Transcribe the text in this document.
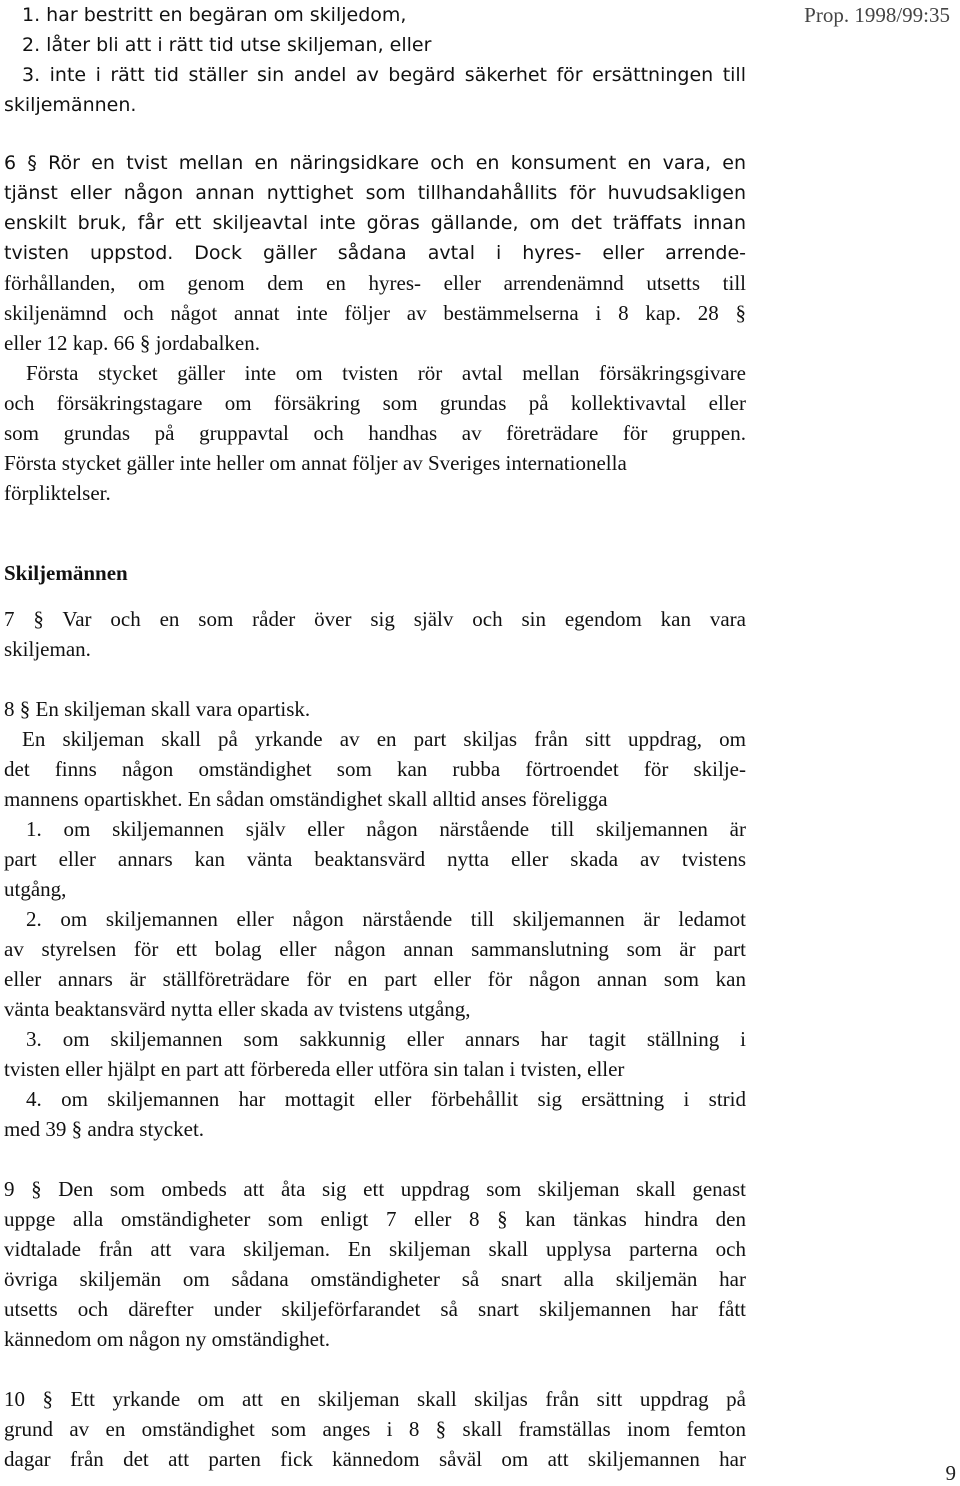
Prop. 1998/99:35
1. har bestritt en begäran om skiljedom,
2. låter bli att i rätt tid utse skiljeman, eller
3. inte i rätt tid ställer sin andel av begärd säkerhet för ersättningen till
skiljemännen.
6 § Rör en tvist mellan en näringsidkare och en konsument en vara, en
tjänst eller någon annan nyttighet som tillhandahållits för huvudsakligen
enskilt bruk, får ett skiljeavtal inte göras gällande, om det träffats innan
tvisten uppstod. Dock gäller sådana avtal i hyres- eller arrende-
förhållanden, om genom dem en hyres- eller arrendenämnd utsetts till
skiljenämnd och något annat inte följer av bestämmelserna i 8 kap. 28 §
eller 12 kap. 66 § jordabalken.
Första stycket gäller inte om tvisten rör avtal mellan försäkringsgivare
och försäkringstagare om försäkring som grundas på kollektivavtal eller
som grundas på gruppavtal och handhas av företrädare för gruppen.
Första stycket gäller inte heller om annat följer av Sveriges internationella
förpliktelser.
Skiljemännen
7 § Var och en som råder över sig själv och sin egendom kan vara
skiljeman.
8 § En skiljeman skall vara opartisk.
En skiljeman skall på yrkande av en part skiljas från sitt uppdrag, om
det finns någon omständighet som kan rubba förtroendet för skilje-
mannens opartiskhet. En sådan omständighet skall alltid anses föreligga
1. om skiljemannen själv eller någon närstående till skiljemannen är
part eller annars kan vänta beaktansvärd nytta eller skada av tvistens
utgång,
2. om skiljemannen eller någon närstående till skiljemannen är ledamot
av styrelsen för ett bolag eller någon annan sammanslutning som är part
eller annars är ställföreträdare för en part eller för någon annan som kan
vänta beaktansvärd nytta eller skada av tvistens utgång,
3. om skiljemannen som sakkunnig eller annars har tagit ställning i
tvisten eller hjälpt en part att förbereda eller utföra sin talan i tvisten, eller
4. om skiljemannen har mottagit eller förbehållit sig ersättning i strid
med 39 § andra stycket.
9 § Den som ombeds att åta sig ett uppdrag som skiljeman skall genast
uppge alla omständigheter som enligt 7 eller 8 § kan tänkas hindra den
vidtalade från att vara skiljeman. En skiljeman skall upplysa parterna och
övriga skiljemän om sådana omständigheter så snart alla skiljemän har
utsetts och därefter under skiljeförfarandet så snart skiljemannen har fått
kännedom om någon ny omständighet.
10 § Ett yrkande om att en skiljeman skall skiljas från sitt uppdrag på
grund av en omständighet som anges i 8 § skall framställas inom femton
dagar från det att parten fick kännedom såväl om att skiljemannen har
9
